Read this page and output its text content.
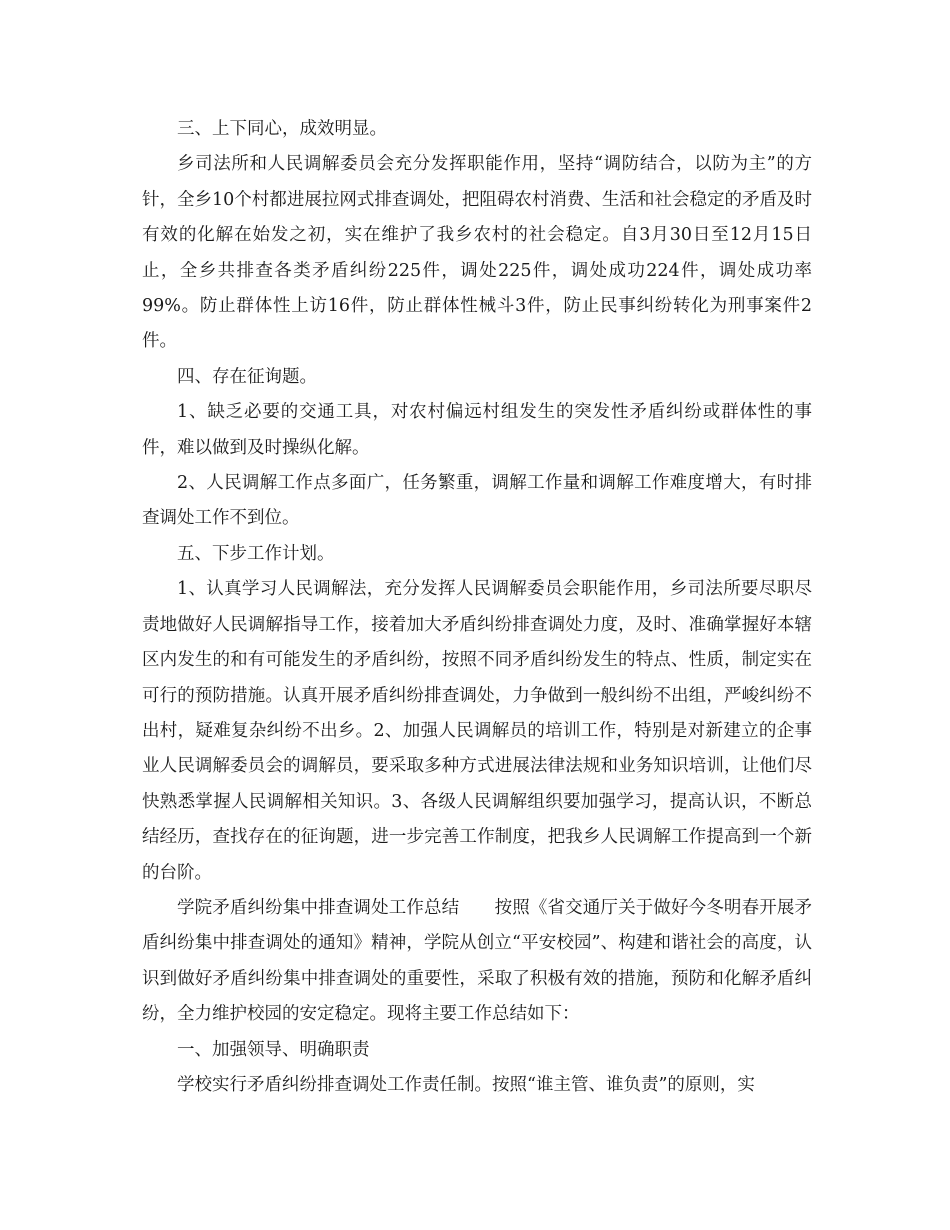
三、上下同心，成效明显。

乡司法所和人民调解委员会充分发挥职能作用，坚持“调防结合，以防为主”的方针，全乡10个村都进展拉网式排查调处，把阻碍农村消费、生活和社会稳定的矛盾及时有效的化解在始发之初，实在维护了我乡农村的社会稳定。自3月30日至12月15日止，全乡共排查各类矛盾纠纷225件，调处225件，调处成功224件，调处成功率99%。防止群体性上访16件，防止群体性械斗3件，防止民事纠纷转化为刑事案件2件。

四、存在征询题。

1、缺乏必要的交通工具，对农村偏远村组发生的突发性矛盾纠纷或群体性的事件，难以做到及时操纵化解。

2、人民调解工作点多面广，任务繁重，调解工作量和调解工作难度增大，有时排查调处工作不到位。

五、下步工作计划。

1、认真学习人民调解法，充分发挥人民调解委员会职能作用，乡司法所要尽职尽责地做好人民调解指导工作，接着加大矛盾纠纷排查调处力度，及时、准确掌握好本辖区内发生的和有可能发生的矛盾纠纷，按照不同矛盾纠纷发生的特点、性质，制定实在可行的预防措施。认真开展矛盾纠纷排查调处，力争做到一般纠纷不出组，严峻纠纷不出村，疑难复杂纠纷不出乡。2、加强人民调解员的培训工作，特别是对新建立的企事业人民调解委员会的调解员，要采取多种方式进展法律法规和业务知识培训，让他们尽快熟悉掌握人民调解相关知识。3、各级人民调解组织要加强学习，提高认识，不断总结经历，查找存在的征询题，进一步完善工作制度，把我乡人民调解工作提高到一个新的台阶。

学院矛盾纠纷集中排查调处工作总结　　按照《省交通厅关于做好今冬明春开展矛盾纠纷集中排查调处的通知》精神，学院从创立“平安校园”、构建和谐社会的高度，认识到做好矛盾纠纷集中排查调处的重要性，采取了积极有效的措施，预防和化解矛盾纠纷，全力维护校园的安定稳定。现将主要工作总结如下：

一、加强领导、明确职责

学校实行矛盾纠纷排查调处工作责任制。按照“谁主管、谁负责”的原则，实
